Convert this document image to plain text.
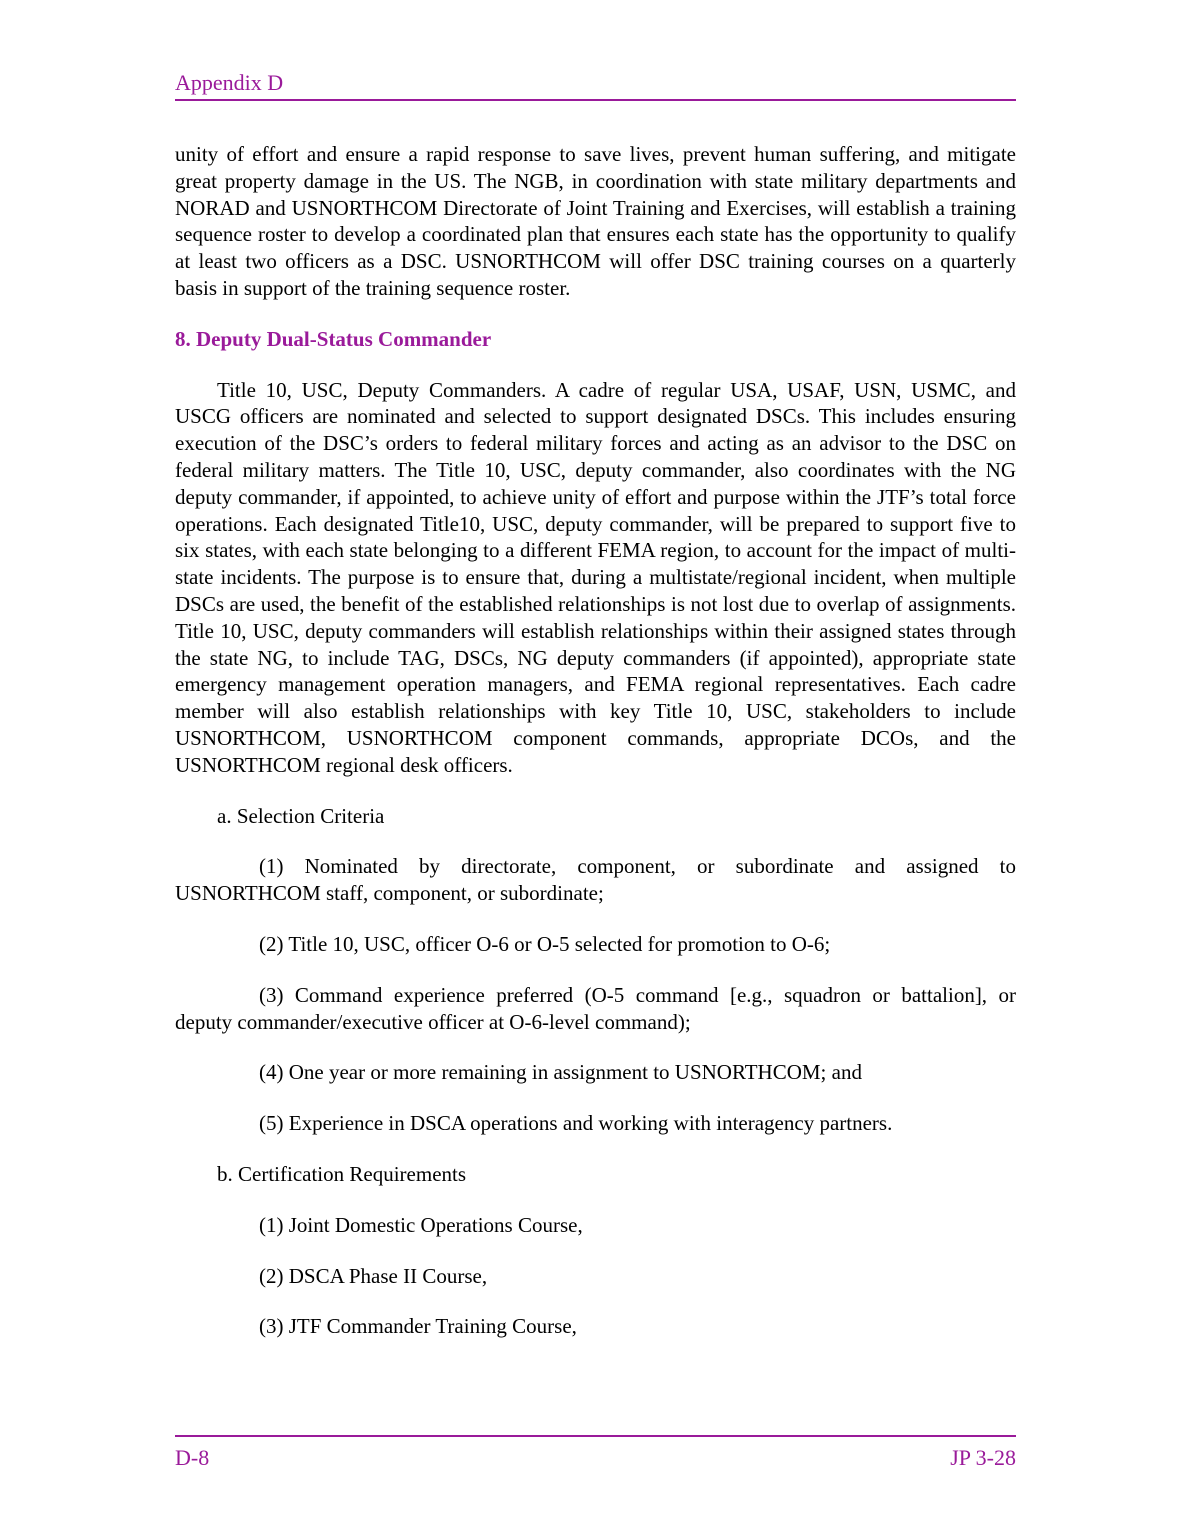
Appendix D

unity of effort and ensure a rapid response to save lives, prevent human suffering, and mitigate great property damage in the US. The NGB, in coordination with state military departments and NORAD and USNORTHCOM Directorate of Joint Training and Exercises, will establish a training sequence roster to develop a coordinated plan that ensures each state has the opportunity to qualify at least two officers as a DSC. USNORTHCOM will offer DSC training courses on a quarterly basis in support of the training sequence roster.

8. Deputy Dual-Status Commander

Title 10, USC, Deputy Commanders. A cadre of regular USA, USAF, USN, USMC, and USCG officers are nominated and selected to support designated DSCs. This includes ensuring execution of the DSC’s orders to federal military forces and acting as an advisor to the DSC on federal military matters. The Title 10, USC, deputy commander, also coordinates with the NG deputy commander, if appointed, to achieve unity of effort and purpose within the JTF’s total force operations. Each designated Title10, USC, deputy commander, will be prepared to support five to six states, with each state belonging to a different FEMA region, to account for the impact of multi-state incidents. The purpose is to ensure that, during a multistate/regional incident, when multiple DSCs are used, the benefit of the established relationships is not lost due to overlap of assignments. Title 10, USC, deputy commanders will establish relationships within their assigned states through the state NG, to include TAG, DSCs, NG deputy commanders (if appointed), appropriate state emergency management operation managers, and FEMA regional representatives. Each cadre member will also establish relationships with key Title 10, USC, stakeholders to include USNORTHCOM, USNORTHCOM component commands, appropriate DCOs, and the USNORTHCOM regional desk officers.

a. Selection Criteria

(1) Nominated by directorate, component, or subordinate and assigned to USNORTHCOM staff, component, or subordinate;

(2) Title 10, USC, officer O-6 or O-5 selected for promotion to O-6;

(3) Command experience preferred (O-5 command [e.g., squadron or battalion], or deputy commander/executive officer at O-6-level command);

(4) One year or more remaining in assignment to USNORTHCOM; and

(5) Experience in DSCA operations and working with interagency partners.

b. Certification Requirements

(1) Joint Domestic Operations Course,

(2) DSCA Phase II Course,

(3) JTF Commander Training Course,

D-8	JP 3-28
